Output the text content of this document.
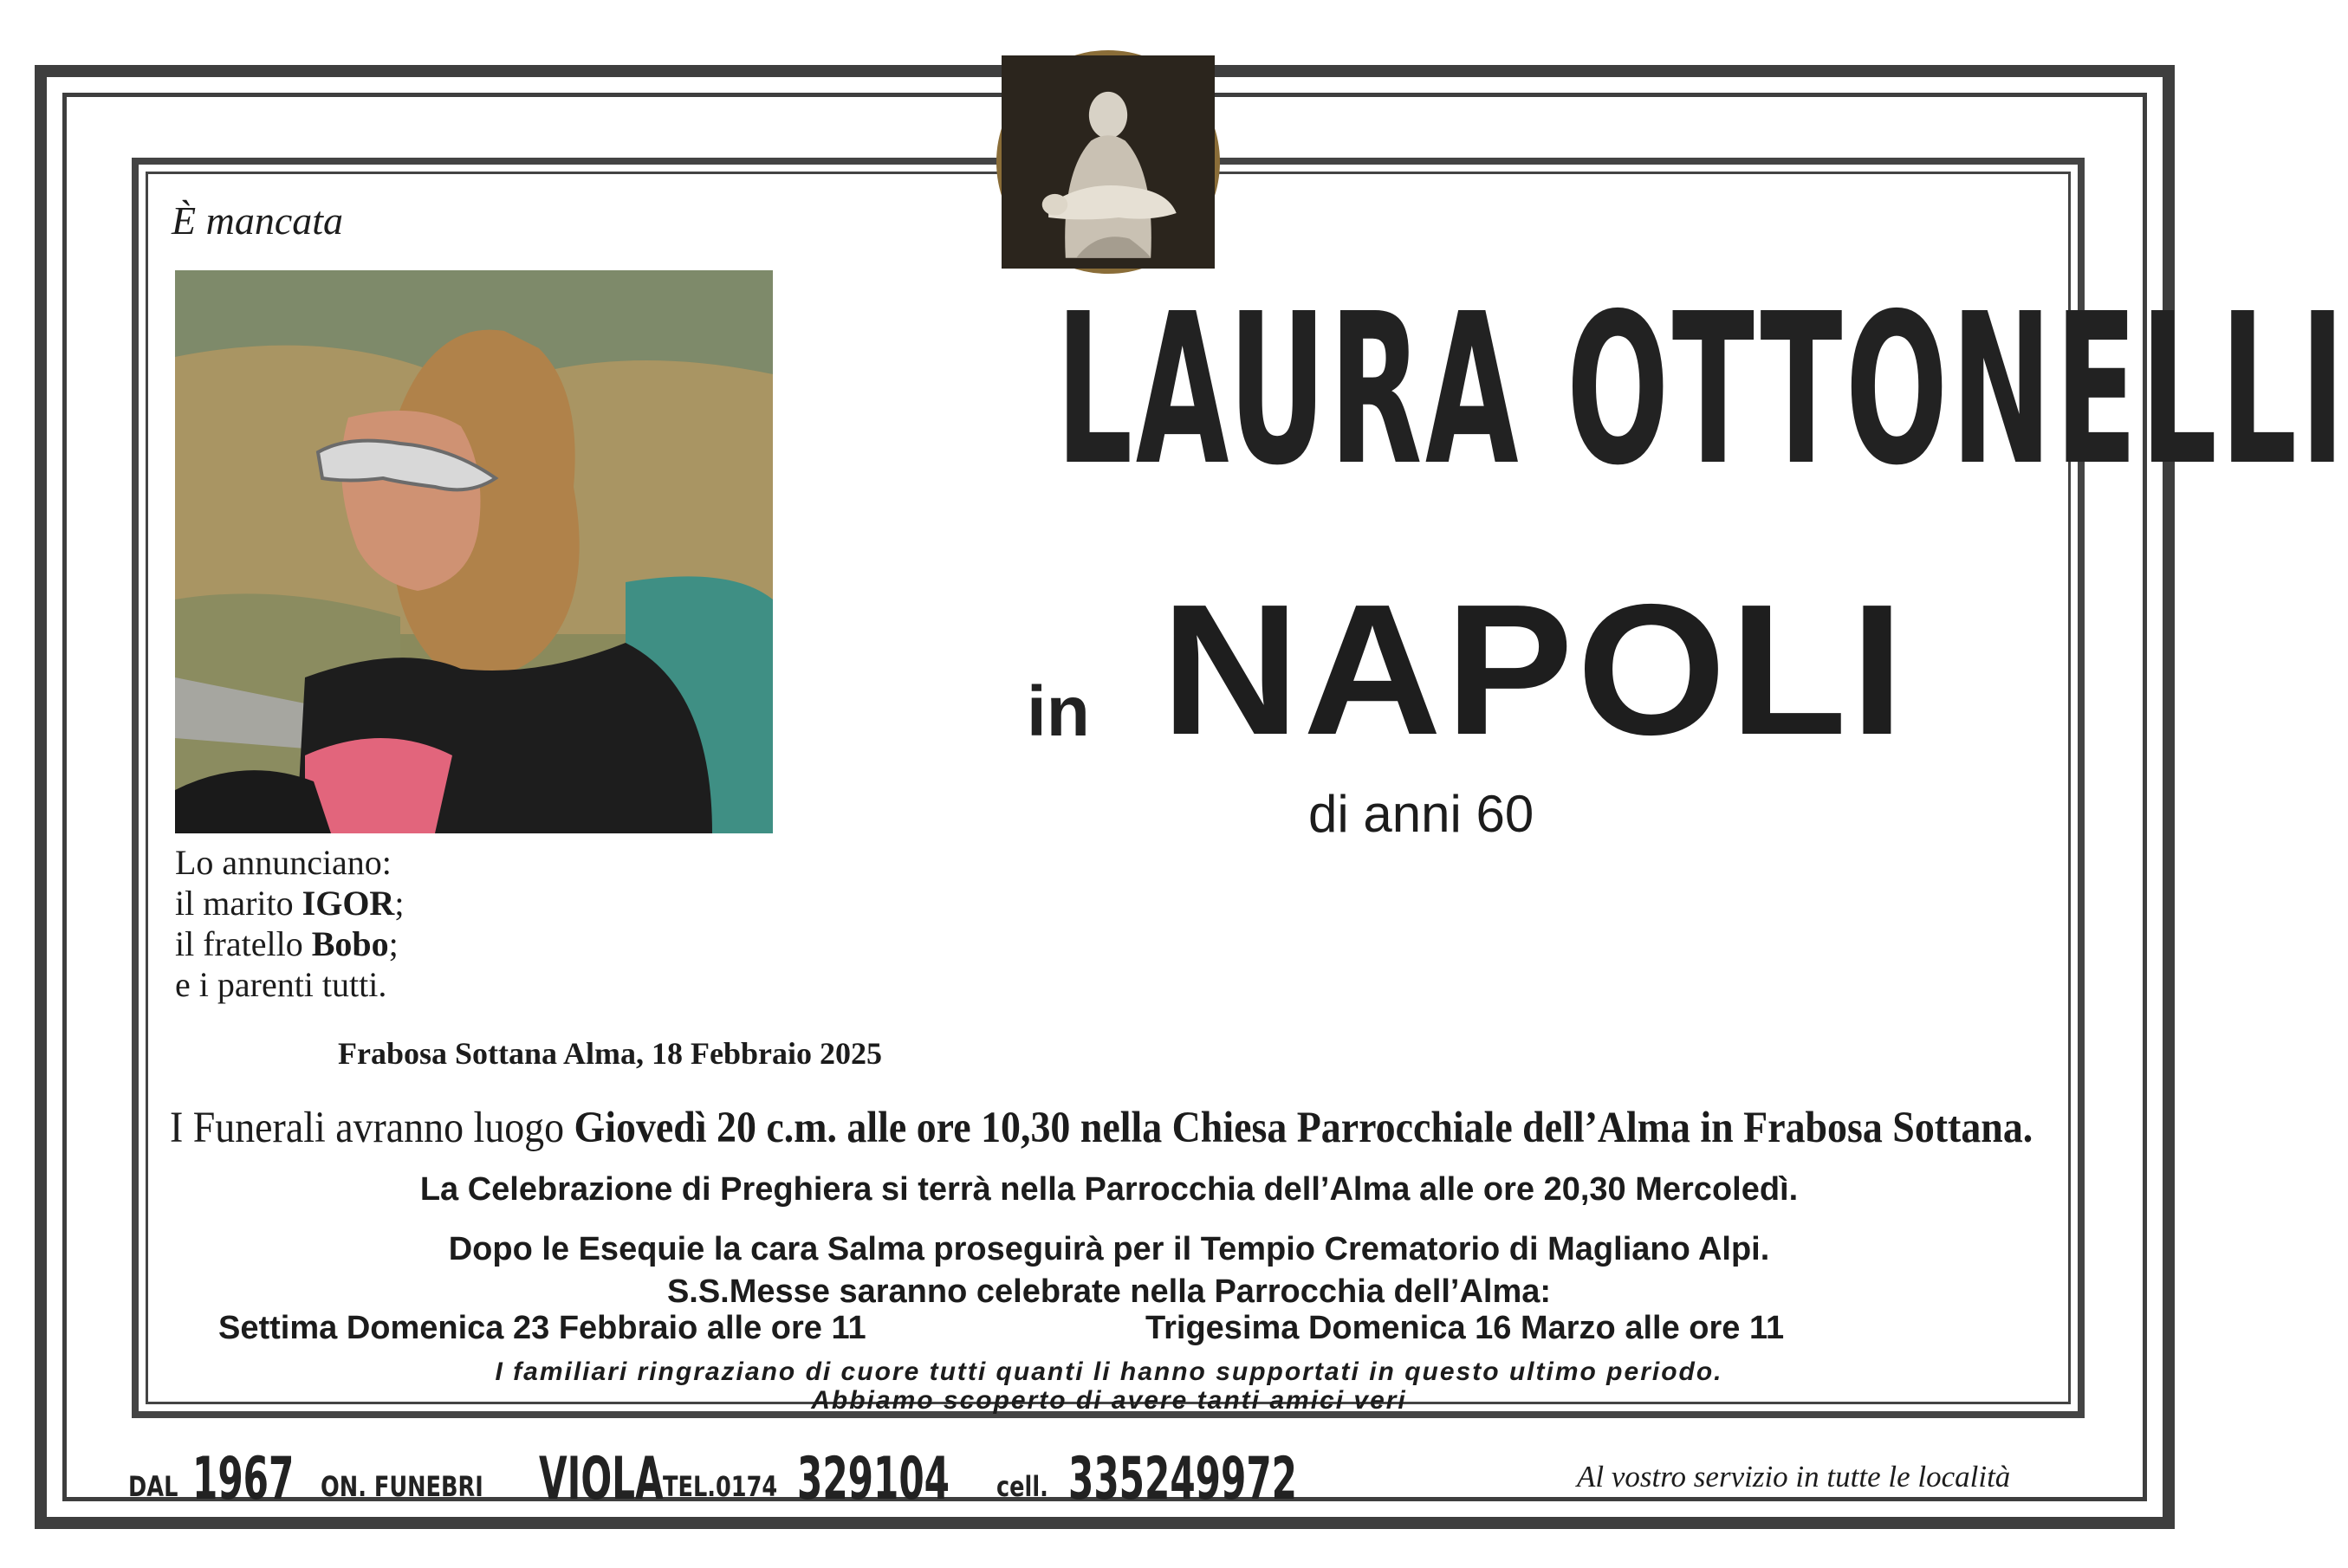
È mancata
LAURA OTTONELLI
in NAPOLI
di anni 60
Lo annunciano:
il marito IGOR;
il fratello Bobo;
e i parenti tutti.
Frabosa Sottana Alma, 18 Febbraio 2025
I Funerali avranno luogo Giovedì 20 c.m. alle ore 10,30 nella Chiesa Parrocchiale dell’Alma in Frabosa Sottana.
La Celebrazione di Preghiera si terrà nella Parrocchia dell’Alma alle ore 20,30 Mercoledì.
Dopo le Esequie la cara Salma proseguirà per il Tempio Crematorio di Magliano Alpi.
S.S.Messe saranno celebrate nella Parrocchia dell’Alma:
Settima Domenica 23 Febbraio alle ore 11	Trigesima Domenica 16 Marzo alle ore 11
I familiari ringraziano di cuore tutti quanti li hanno supportati in questo ultimo periodo.
Abbiamo scoperto di avere tanti amici veri
DAL 1967 ON. FUNEBRI VIOLA TEL.0174 329104 cell. 335249972	Al vostro servizio in tutte le località
